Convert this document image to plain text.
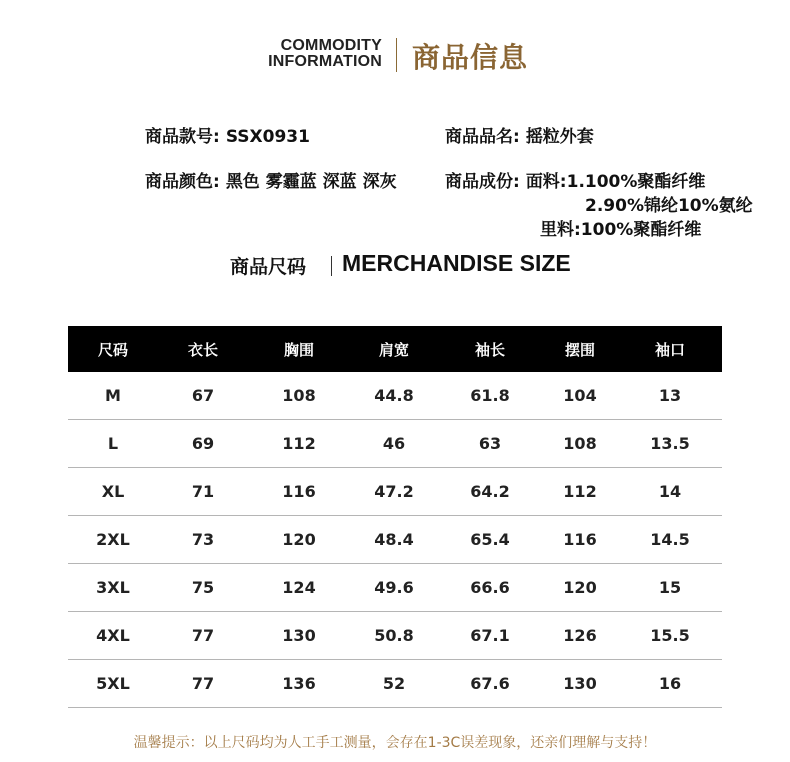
COMMODITY
INFORMATION 商品信息
商品款号: SSX0931	商品品名: 摇粒外套
商品颜色: 黑色 雾霾蓝 深蓝 深灰	商品成份: 面料:1.100%聚酯纤维
2.90%锦纶10%氨纶
里料:100%聚酯纤维
商品尺码 MERCHANDISE SIZE
尺码	衣长	胸围	肩宽	袖长	摆围	袖口
M	67	108	44.8	61.8	104	13
L	69	112	46	63	108	13.5
XL	71	116	47.2	64.2	112	14
2XL	73	120	48.4	65.4	116	14.5
3XL	75	124	49.6	66.6	120	15
4XL	77	130	50.8	67.1	126	15.5
5XL	77	136	52	67.6	130	16
温馨提示：以上尺码均为人工手工测量，会存在1-3C误差现象，还亲们理解与支持！
